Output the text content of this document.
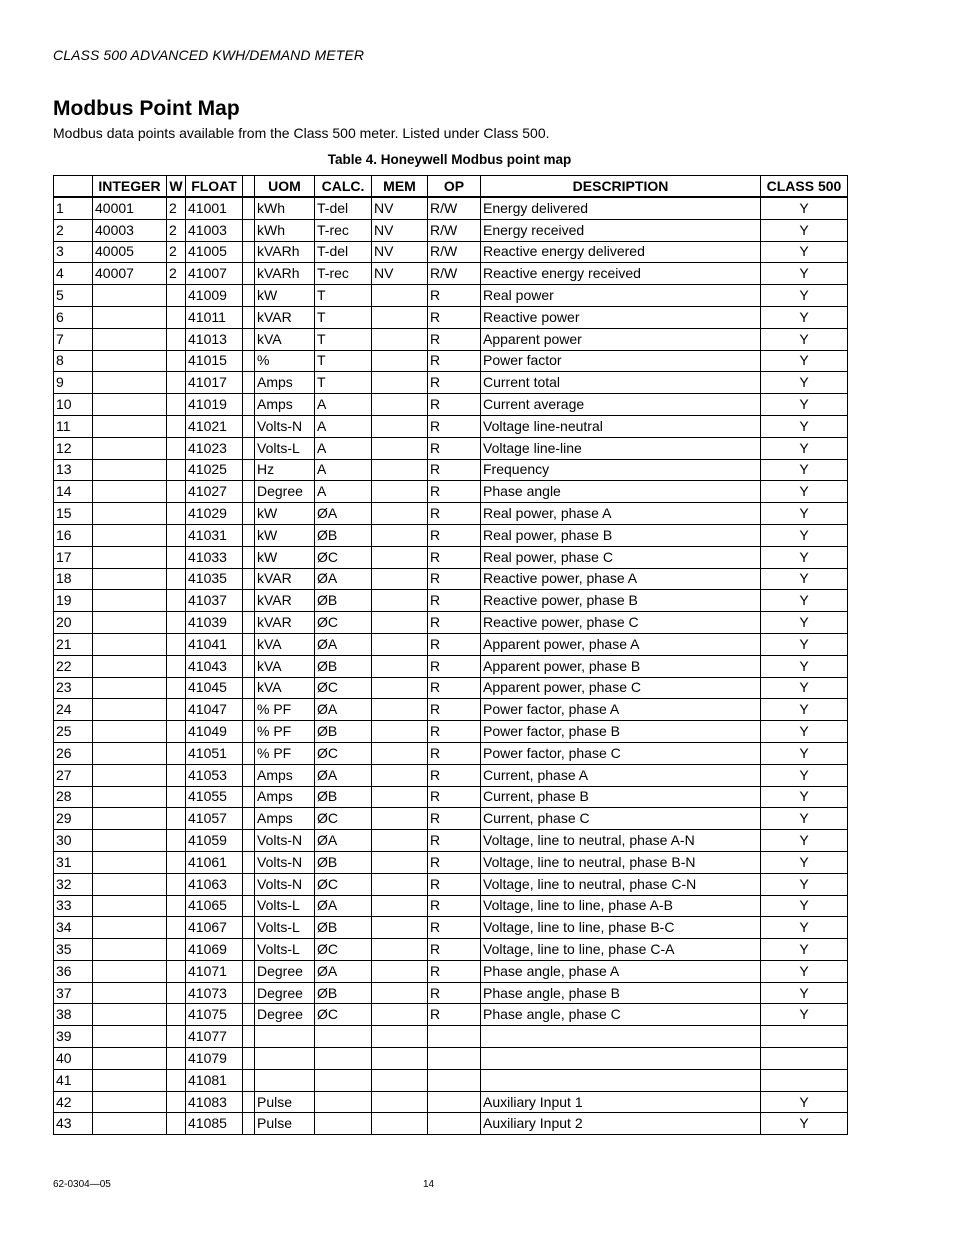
CLASS 500 ADVANCED KWH/DEMAND METER
Modbus Point Map
Modbus data points available from the Class 500 meter. Listed under Class 500.
Table 4. Honeywell Modbus point map
	INTEGER	W	FLOAT		UOM	CALC.	MEM	OP	DESCRIPTION	CLASS 500
1	40001	2	41001		kWh	T-del	NV	R/W	Energy delivered	Y
2	40003	2	41003		kWh	T-rec	NV	R/W	Energy received	Y
3	40005	2	41005		kVARh	T-del	NV	R/W	Reactive energy delivered	Y
4	40007	2	41007		kVARh	T-rec	NV	R/W	Reactive energy received	Y
5			41009		kW	T		R	Real power	Y
6			41011		kVAR	T		R	Reactive power	Y
7			41013		kVA	T		R	Apparent power	Y
8			41015		%	T		R	Power factor	Y
9			41017		Amps	T		R	Current total	Y
10			41019		Amps	A		R	Current average	Y
11			41021		Volts-N	A		R	Voltage line-neutral	Y
12			41023		Volts-L	A		R	Voltage line-line	Y
13			41025		Hz	A		R	Frequency	Y
14			41027		Degree	A		R	Phase angle	Y
15			41029		kW	ØA		R	Real power, phase A	Y
16			41031		kW	ØB		R	Real power, phase B	Y
17			41033		kW	ØC		R	Real power, phase C	Y
18			41035		kVAR	ØA		R	Reactive power, phase A	Y
19			41037		kVAR	ØB		R	Reactive power, phase B	Y
20			41039		kVAR	ØC		R	Reactive power, phase C	Y
21			41041		kVA	ØA		R	Apparent power, phase A	Y
22			41043		kVA	ØB		R	Apparent power, phase B	Y
23			41045		kVA	ØC		R	Apparent power, phase C	Y
24			41047		% PF	ØA		R	Power factor, phase A	Y
25			41049		% PF	ØB		R	Power factor, phase B	Y
26			41051		% PF	ØC		R	Power factor, phase C	Y
27			41053		Amps	ØA		R	Current, phase A	Y
28			41055		Amps	ØB		R	Current, phase B	Y
29			41057		Amps	ØC		R	Current, phase C	Y
30			41059		Volts-N	ØA		R	Voltage, line to neutral, phase A-N	Y
31			41061		Volts-N	ØB		R	Voltage, line to neutral, phase B-N	Y
32			41063		Volts-N	ØC		R	Voltage, line to neutral, phase C-N	Y
33			41065		Volts-L	ØA		R	Voltage, line to line, phase A-B	Y
34			41067		Volts-L	ØB		R	Voltage, line to line, phase B-C	Y
35			41069		Volts-L	ØC		R	Voltage, line to line, phase C-A	Y
36			41071		Degree	ØA		R	Phase angle, phase A	Y
37			41073		Degree	ØB		R	Phase angle, phase B	Y
38			41075		Degree	ØC		R	Phase angle, phase C	Y
39			41077							
40			41079							
41			41081							
42			41083		Pulse				Auxiliary Input 1	Y
43			41085		Pulse				Auxiliary Input 2	Y
62-0304—05	14
